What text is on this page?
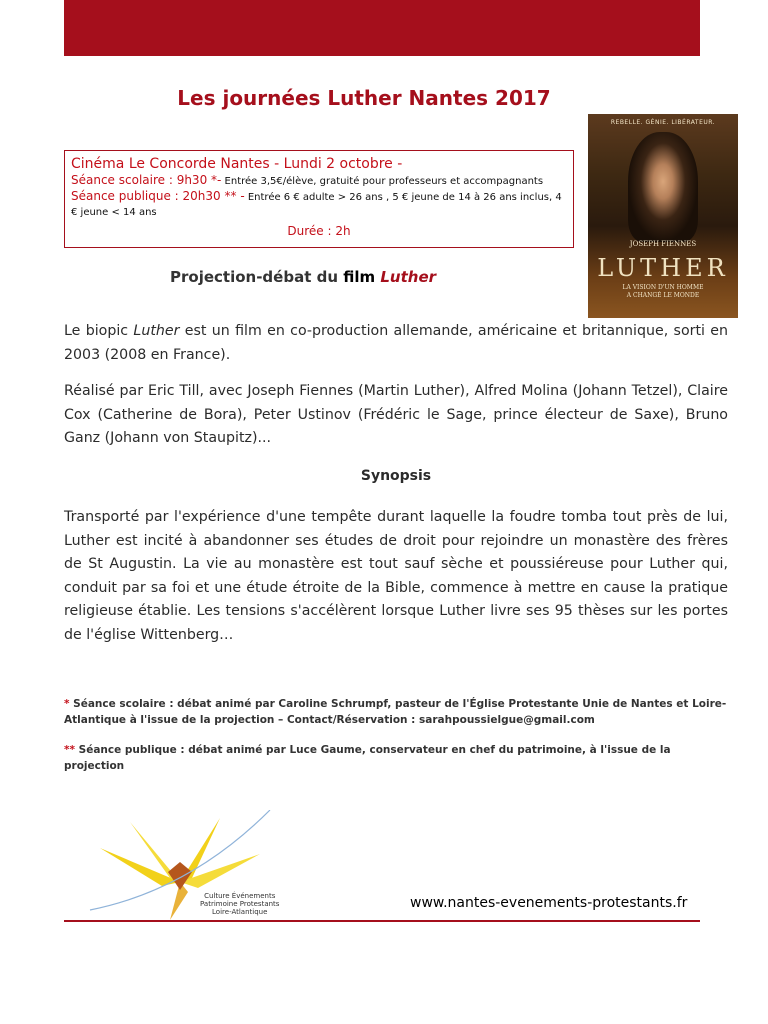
Les journées Luther Nantes 2017
Cinéma Le Concorde Nantes - Lundi 2 octobre -
Séance scolaire : 9h30 *- Entrée 3,5€/élève, gratuité pour professeurs et accompagnants
Séance publique : 20h30 ** - Entrée 6 € adulte > 26 ans , 5 € jeune de 14 à 26 ans inclus, 4 € jeune < 14 ans
Durée : 2h
REBELLE. GÉNIE. LIBÉRATEUR.
JOSEPH FIENNES
LUTHER
LA VISION D'UN HOMME
A CHANGÉ LE MONDE
Projection-débat du film Luther
Le biopic Luther est un film en co-production allemande, américaine et britannique, sorti en 2003 (2008 en France).
Réalisé par Eric Till, avec Joseph Fiennes (Martin Luther), Alfred Molina (Johann Tetzel), Claire Cox (Catherine de Bora), Peter Ustinov (Frédéric le Sage, prince électeur de Saxe), Bruno Ganz (Johann von Staupitz)...
Synopsis
Transporté par l'expérience d'une tempête durant laquelle la foudre tomba tout près de lui, Luther est incité à abandonner ses études de droit pour rejoindre un monastère des frères de St Augustin. La vie au monastère est tout sauf sèche et poussiéreuse pour Luther qui, conduit par sa foi et une étude étroite de la Bible, commence à mettre en cause la pratique religieuse établie. Les tensions s'accélèrent lorsque Luther livre ses 95 thèses sur les portes de l'église Wittenberg…
* Séance scolaire : débat animé par Caroline Schrumpf, pasteur de l'Église Protestante Unie de Nantes et Loire-Atlantique à l'issue de la projection – Contact/Réservation : sarahpoussielgue@gmail.com
** Séance publique : débat animé par Luce Gaume, conservateur en chef du patrimoine, à l'issue de la projection
Culture Événements
Patrimoine Protestants
Loire-Atlantique
www.nantes-evenements-protestants.fr
